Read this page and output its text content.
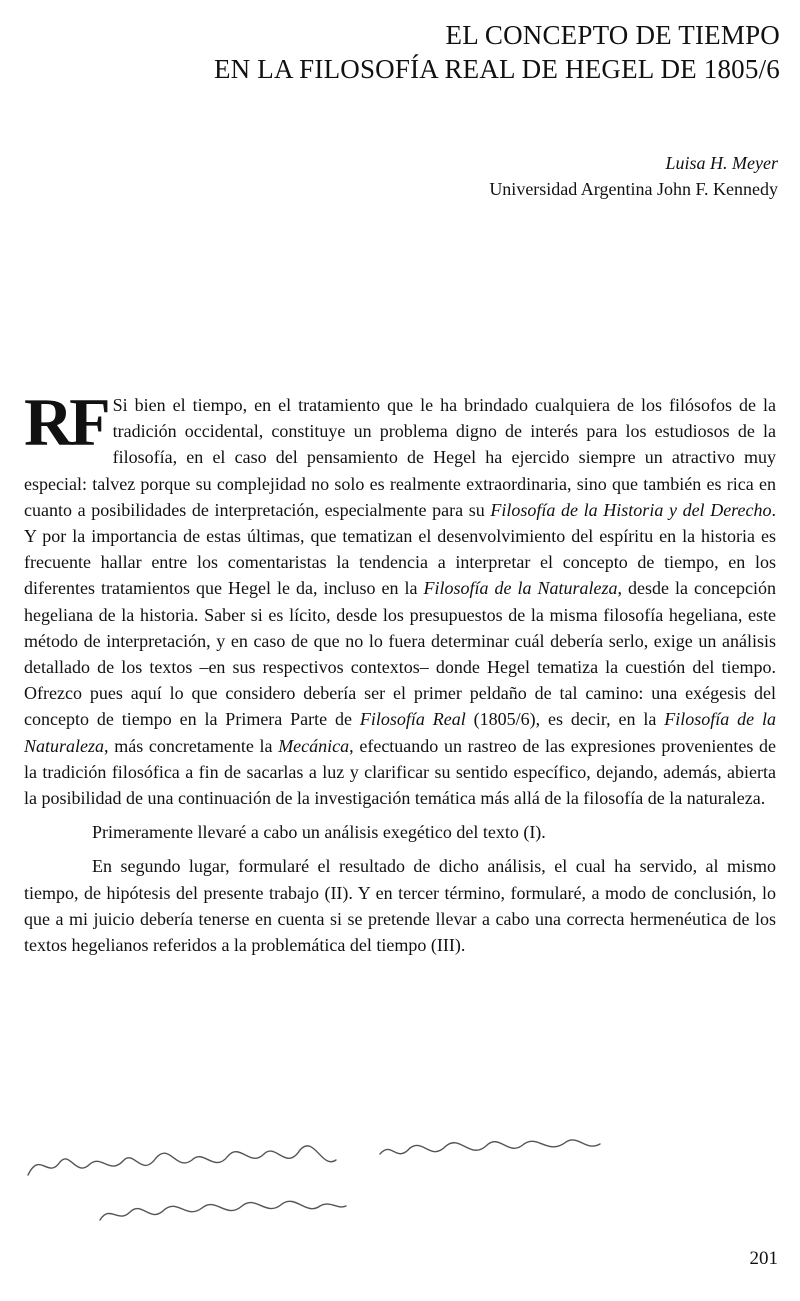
EL CONCEPTO DE TIEMPO
EN LA FILOSOFÍA REAL DE HEGEL DE 1805/6
Luisa H. Meyer
Universidad Argentina John F. Kennedy

RF Si bien el tiempo, en el tratamiento que le ha brindado cualquiera de los filósofos de la tradición occidental, constituye un problema digno de interés para los estudiosos de la filosofía, en el caso del pensamiento de Hegel ha ejercido siempre un atractivo muy especial: talvez porque su complejidad no solo es realmente extraordinaria, sino que también es rica en cuanto a posibilidades de interpretación, especialmente para su Filosofía de la Historia y del Derecho. Y por la importancia de estas últimas, que tematizan el desenvolvimiento del espíritu en la historia es frecuente hallar entre los comentaristas la tendencia a interpretar el concepto de tiempo, en los diferentes tratamientos que Hegel le da, incluso en la Filosofía de la Naturaleza, desde la concepción hegeliana de la historia. Saber si es lícito, desde los presupuestos de la misma filosofía hegeliana, este método de interpretación, y en caso de que no lo fuera determinar cuál debería serlo, exige un análisis detallado de los textos –en sus respectivos contextos– donde Hegel tematiza la cuestión del tiempo. Ofrezco pues aquí lo que considero debería ser el primer peldaño de tal camino: una exégesis del concepto de tiempo en la Primera Parte de Filosofía Real (1805/6), es decir, en la Filosofía de la Naturaleza, más concretamente la Mecánica, efectuando un rastreo de las expresiones provenientes de la tradición filosófica a fin de sacarlas a luz y clarificar su sentido específico, dejando, además, abierta la posibilidad de una continuación de la investigación temática más allá de la filosofía de la naturaleza.

Primeramente llevaré a cabo un análisis exegético del texto (I).

En segundo lugar, formularé el resultado de dicho análisis, el cual ha servido, al mismo tiempo, de hipótesis del presente trabajo (II). Y en tercer término, formularé, a modo de conclusión, lo que a mi juicio debería tenerse en cuenta si se pretende llevar a cabo una correcta hermenéutica de los textos hegelianos referidos a la problemática del tiempo (III).

201
